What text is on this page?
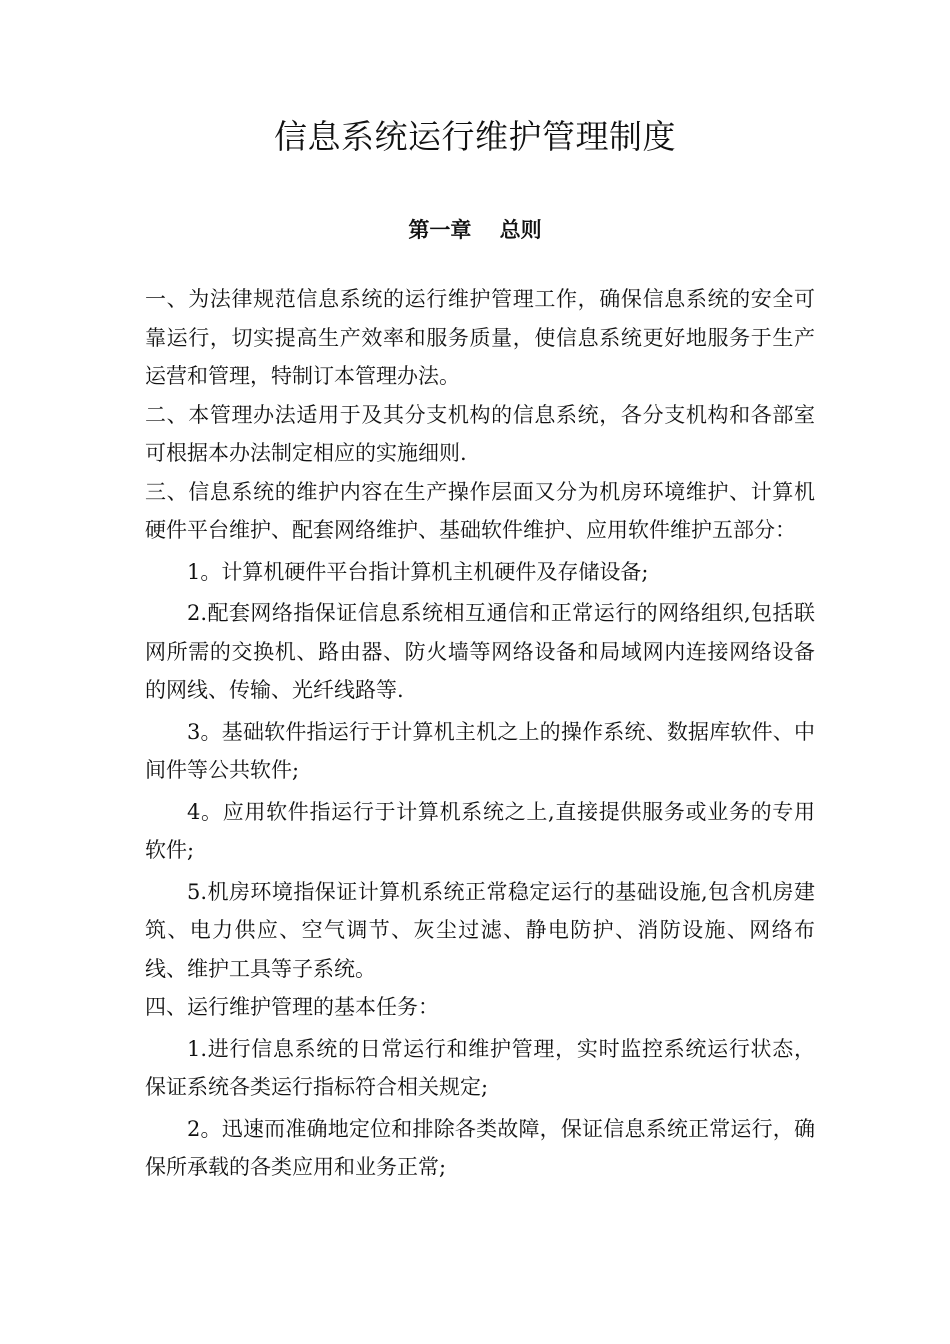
信息系统运行维护管理制度
第一章　 总则

一、为法律规范信息系统的运行维护管理工作，确保信息系统的安全可靠运行，切实提高生产效率和服务质量，使信息系统更好地服务于生产运营和管理，特制订本管理办法。

二、本管理办法适用于及其分支机构的信息系统，各分支机构和各部室可根据本办法制定相应的实施细则.

三、信息系统的维护内容在生产操作层面又分为机房环境维护、计算机硬件平台维护、配套网络维护、基础软件维护、应用软件维护五部分：

1。计算机硬件平台指计算机主机硬件及存储设备;

2.配套网络指保证信息系统相互通信和正常运行的网络组织,包括联网所需的交换机、路由器、防火墙等网络设备和局域网内连接网络设备的网线、传输、光纤线路等.

3。基础软件指运行于计算机主机之上的操作系统、数据库软件、中间件等公共软件;

4。应用软件指运行于计算机系统之上,直接提供服务或业务的专用软件;

5.机房环境指保证计算机系统正常稳定运行的基础设施,包含机房建筑、电力供应、空气调节、灰尘过滤、静电防护、消防设施、网络布线、维护工具等子系统。

四、运行维护管理的基本任务：

1.进行信息系统的日常运行和维护管理，实时监控系统运行状态，保证系统各类运行指标符合相关规定;

2。迅速而准确地定位和排除各类故障，保证信息系统正常运行，确保所承载的各类应用和业务正常;
